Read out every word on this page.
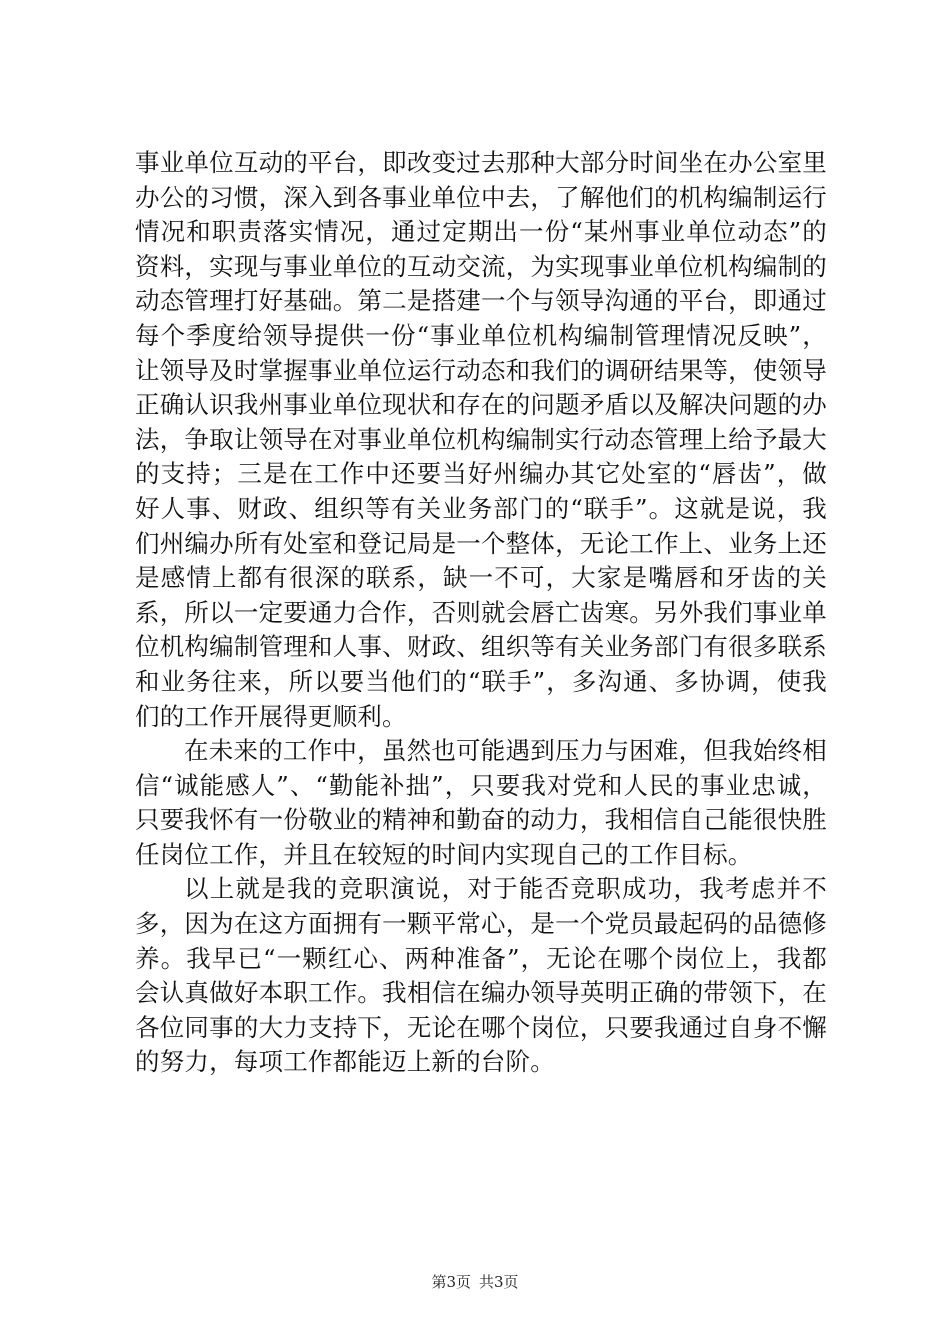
事业单位互动的平台，即改变过去那种大部分时间坐在办公室里办公的习惯，深入到各事业单位中去，了解他们的机构编制运行情况和职责落实情况，通过定期出一份“某州事业单位动态”的资料，实现与事业单位的互动交流，为实现事业单位机构编制的动态管理打好基础。第二是搭建一个与领导沟通的平台，即通过每个季度给领导提供一份“事业单位机构编制管理情况反映”，让领导及时掌握事业单位运行动态和我们的调研结果等，使领导正确认识我州事业单位现状和存在的问题矛盾以及解决问题的办法，争取让领导在对事业单位机构编制实行动态管理上给予最大的支持；三是在工作中还要当好州编办其它处室的“唇齿”，做好人事、财政、组织等有关业务部门的“联手”。这就是说，我们州编办所有处室和登记局是一个整体，无论工作上、业务上还是感情上都有很深的联系，缺一不可，大家是嘴唇和牙齿的关系，所以一定要通力合作，否则就会唇亡齿寒。另外我们事业单位机构编制管理和人事、财政、组织等有关业务部门有很多联系和业务往来，所以要当他们的“联手”，多沟通、多协调，使我们的工作开展得更顺利。

在未来的工作中，虽然也可能遇到压力与困难，但我始终相信“诚能感人”、“勤能补拙”，只要我对党和人民的事业忠诚，只要我怀有一份敬业的精神和勤奋的动力，我相信自己能很快胜任岗位工作，并且在较短的时间内实现自己的工作目标。

以上就是我的竞职演说，对于能否竞职成功，我考虑并不多，因为在这方面拥有一颗平常心，是一个党员最起码的品德修养。我早已“一颗红心、两种准备”，无论在哪个岗位上，我都会认真做好本职工作。我相信在编办领导英明正确的带领下，在各位同事的大力支持下，无论在哪个岗位，只要我通过自身不懈的努力，每项工作都能迈上新的台阶。

第3页 共3页
